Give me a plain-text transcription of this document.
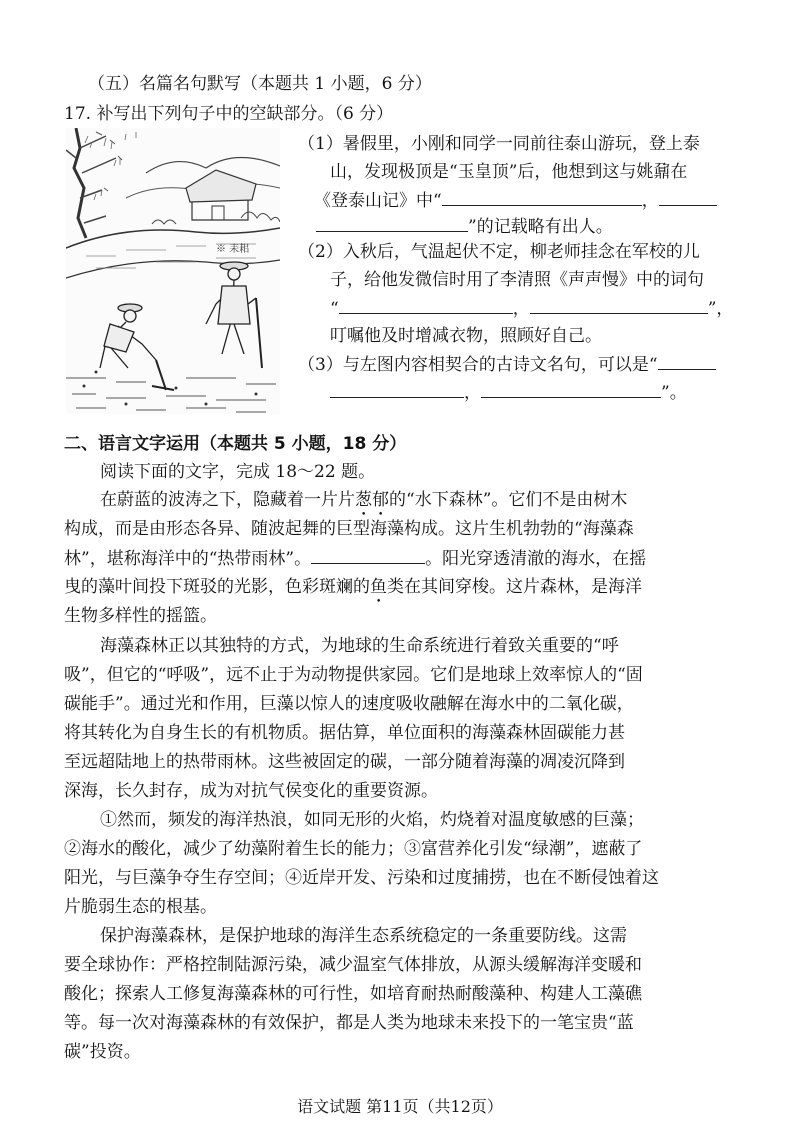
（五）名篇名句默写（本题共 1 小题，6 分）
17. 补写出下列句子中的空缺部分。（6 分）
※ 耒耜
（1）暑假里，小刚和同学一同前往泰山游玩，登上泰
山，发现极顶是“玉皇顶”后，他想到这与姚鼐在
《登泰山记》中“	，
”的记载略有出人。
（2）入秋后，气温起伏不定，柳老师挂念在军校的儿
子，给他发微信时用了李清照《声声慢》中的词句
“	，	”，
叮嘱他及时增减衣物，照顾好自己。
（3）与左图内容相契合的古诗文名句，可以是“
，	”。
二、语言文字运用（本题共 5 小题，18 分）
阅读下面的文字，完成 18～22 题。
在蔚蓝的波涛之下，隐藏着一片片葱郁的“水下森林”。它们不是由树木
构成，而是由形态各异、随波起舞的巨型海藻构成。这片生机勃勃的“海藻森
林”，堪称海洋中的“热带雨林”。	。阳光穿透清澈的海水，在摇
曳的藻叶间投下斑驳的光影，色彩斑斓的鱼类在其间穿梭。这片森林，是海洋
生物多样性的摇篮。
海藻森林正以其独特的方式，为地球的生命系统进行着致关重要的“呼
吸”，但它的“呼吸”，远不止于为动物提供家园。它们是地球上效率惊人的“固
碳能手”。通过光和作用，巨藻以惊人的速度吸收融解在海水中的二氧化碳，
将其转化为自身生长的有机物质。据估算，单位面积的海藻森林固碳能力甚
至远超陆地上的热带雨林。这些被固定的碳，一部分随着海藻的凋凌沉降到
深海，长久封存，成为对抗气侯变化的重要资源。
①然而，频发的海洋热浪，如同无形的火焰，灼烧着对温度敏感的巨藻；
②海水的酸化，减少了幼藻附着生长的能力；③富营养化引发“绿潮”，遮蔽了
阳光，与巨藻争夺生存空间；④近岸开发、污染和过度捕捞，也在不断侵蚀着这
片脆弱生态的根基。
保护海藻森林，是保护地球的海洋生态系统稳定的一条重要防线。这需
要全球协作：严格控制陆源污染，减少温室气体排放，从源头缓解海洋变暖和
酸化；探索人工修复海藻森林的可行性，如培育耐热耐酸藻种、构建人工藻礁
等。每一次对海藻森林的有效保护，都是人类为地球未来投下的一笔宝贵“蓝
碳”投资。
语文试题 第11页（共12页）
